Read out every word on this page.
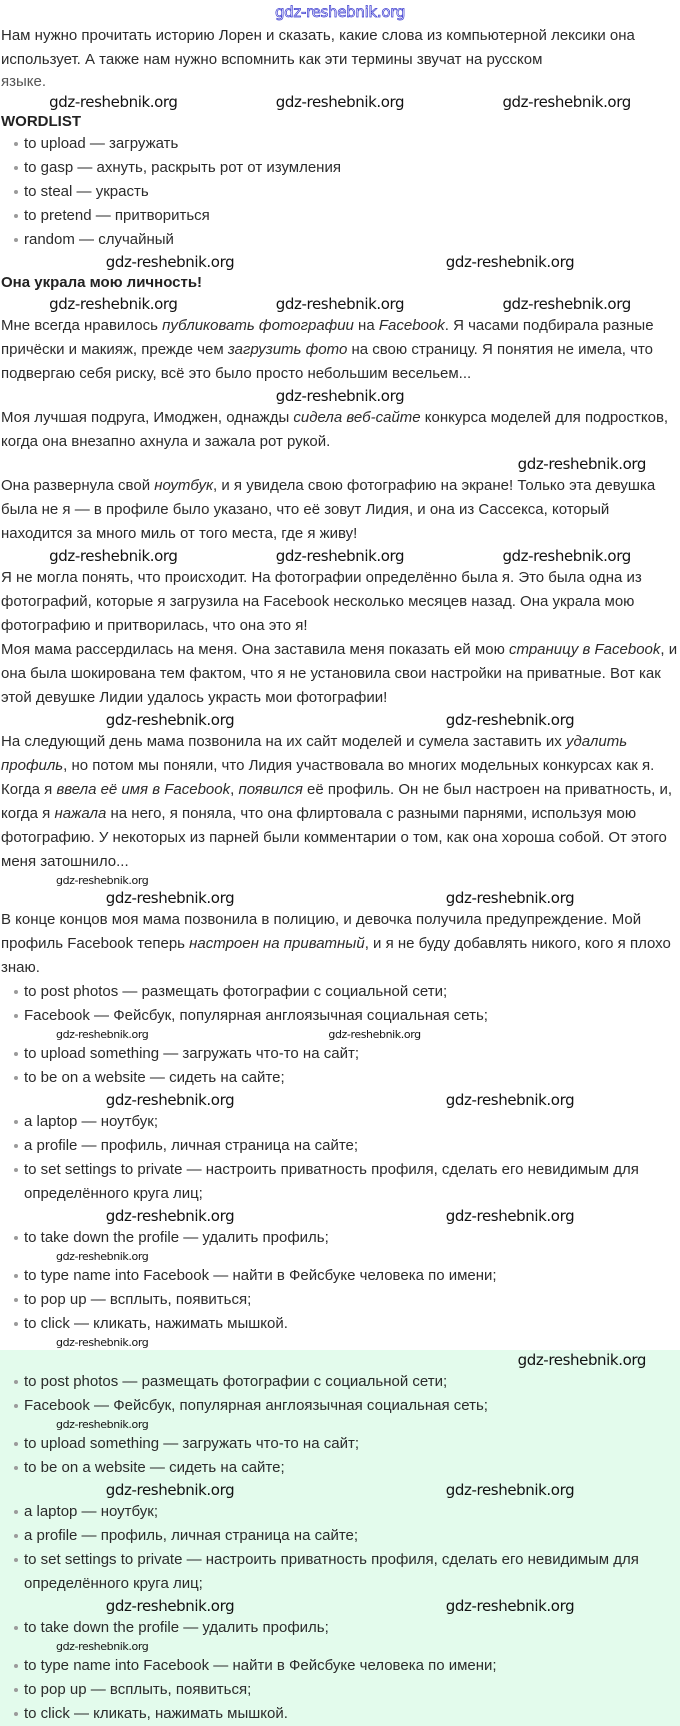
gdz-reshebnik.org
Нам нужно прочитать историю Лорен и сказать, какие слова из компьютерной лексики она использует. А также нам нужно вспомнить как эти термины звучат на русском
языке.
gdz-reshebnik.org	gdz-reshebnik.org	gdz-reshebnik.org
WORDLIST
to upload — загружать
to gasp — ахнуть, раскрыть рот от изумления
to steal — украсть
to pretend — притвориться
random — случайный
gdz-reshebnik.org	gdz-reshebnik.org
Она украла мою личность!
gdz-reshebnik.org	gdz-reshebnik.org	gdz-reshebnik.org

Мне всегда нравилось публиковать фотографии на Facebook. Я часами подбирала разные причёски и макияж, прежде чем загрузить фото на свою страницу. Я понятия не имела, что подвергаю себя риску, всё это было просто небольшим весельем...

gdz-reshebnik.org

Моя лучшая подруга, Имоджен, однажды сидела веб-сайте конкурса моделей для подростков, когда она внезапно ахнула и зажала рот рукой.

gdz-reshebnik.org

Она развернула свой ноутбук, и я увидела свою фотографию на экране! Только эта девушка была не я — в профиле было указано, что её зовут Лидия, и она из Сассекса, который находится за много миль от того места, где я живу!

gdz-reshebnik.org	gdz-reshebnik.org	gdz-reshebnik.org

Я не могла понять, что происходит. На фотографии определённо была я. Это была одна из фотографий, которые я загрузила на Facebook несколько месяцев назад. Она украла мою фотографию и притворилась, что она это я!

Моя мама рассердилась на меня. Она заставила меня показать ей мою страницу в Facebook, и она была шокирована тем фактом, что я не установила свои настройки на приватные. Вот как этой девушке Лидии удалось украсть мои фотографии!

gdz-reshebnik.org	gdz-reshebnik.org

На следующий день мама позвонила на их сайт моделей и сумела заставить их удалить профиль, но потом мы поняли, что Лидия участвовала во многих модельных конкурсах как я. Когда я ввела её имя в Facebook, появился её профиль. Он не был настроен на приватность, и, когда я нажала на него, я поняла, что она флиртовала с разными парнями, используя мою фотографию. У некоторых из парней были комментарии о том, как она хороша собой. От этого меня затошнило...

gdz-reshebnik.org
gdz-reshebnik.org	gdz-reshebnik.org

В конце концов моя мама позвонила в полицию, и девочка получила предупреждение. Мой профиль Facebook теперь настроен на приватный, и я не буду добавлять никого, кого я плохо знаю.

to post photos — размещать фотографии с социальной сети;
Facebook — Фейсбук, популярная англоязычная социальная сеть;
gdz-reshebnik.org	gdz-reshebnik.org
to upload something — загружать что-то на сайт;
to be on a website — сидеть на сайте;
gdz-reshebnik.org	gdz-reshebnik.org
a laptop — ноутбук;
a profile — профиль, личная страница на сайте;
to set settings to private — настроить приватность профиля, сделать его невидимым для определённого круга лиц;
gdz-reshebnik.org	gdz-reshebnik.org
to take down the profile — удалить профиль;
gdz-reshebnik.org
to type name into Facebook — найти в Фейсбуке человека по имени;
to pop up — всплыть, появиться;
to click — кликать, нажимать мышкой.
gdz-reshebnik.org
gdz-reshebnik.org
to post photos — размещать фотографии с социальной сети;
Facebook — Фейсбук, популярная англоязычная социальная сеть;
gdz-reshebnik.org
to upload something — загружать что-то на сайт;
to be on a website — сидеть на сайте;
gdz-reshebnik.org	gdz-reshebnik.org
a laptop — ноутбук;
a profile — профиль, личная страница на сайте;
to set settings to private — настроить приватность профиля, сделать его невидимым для определённого круга лиц;
gdz-reshebnik.org	gdz-reshebnik.org
to take down the profile — удалить профиль;
gdz-reshebnik.org
to type name into Facebook — найти в Фейсбуке человека по имени;
to pop up — всплыть, появиться;
to click — кликать, нажимать мышкой.
